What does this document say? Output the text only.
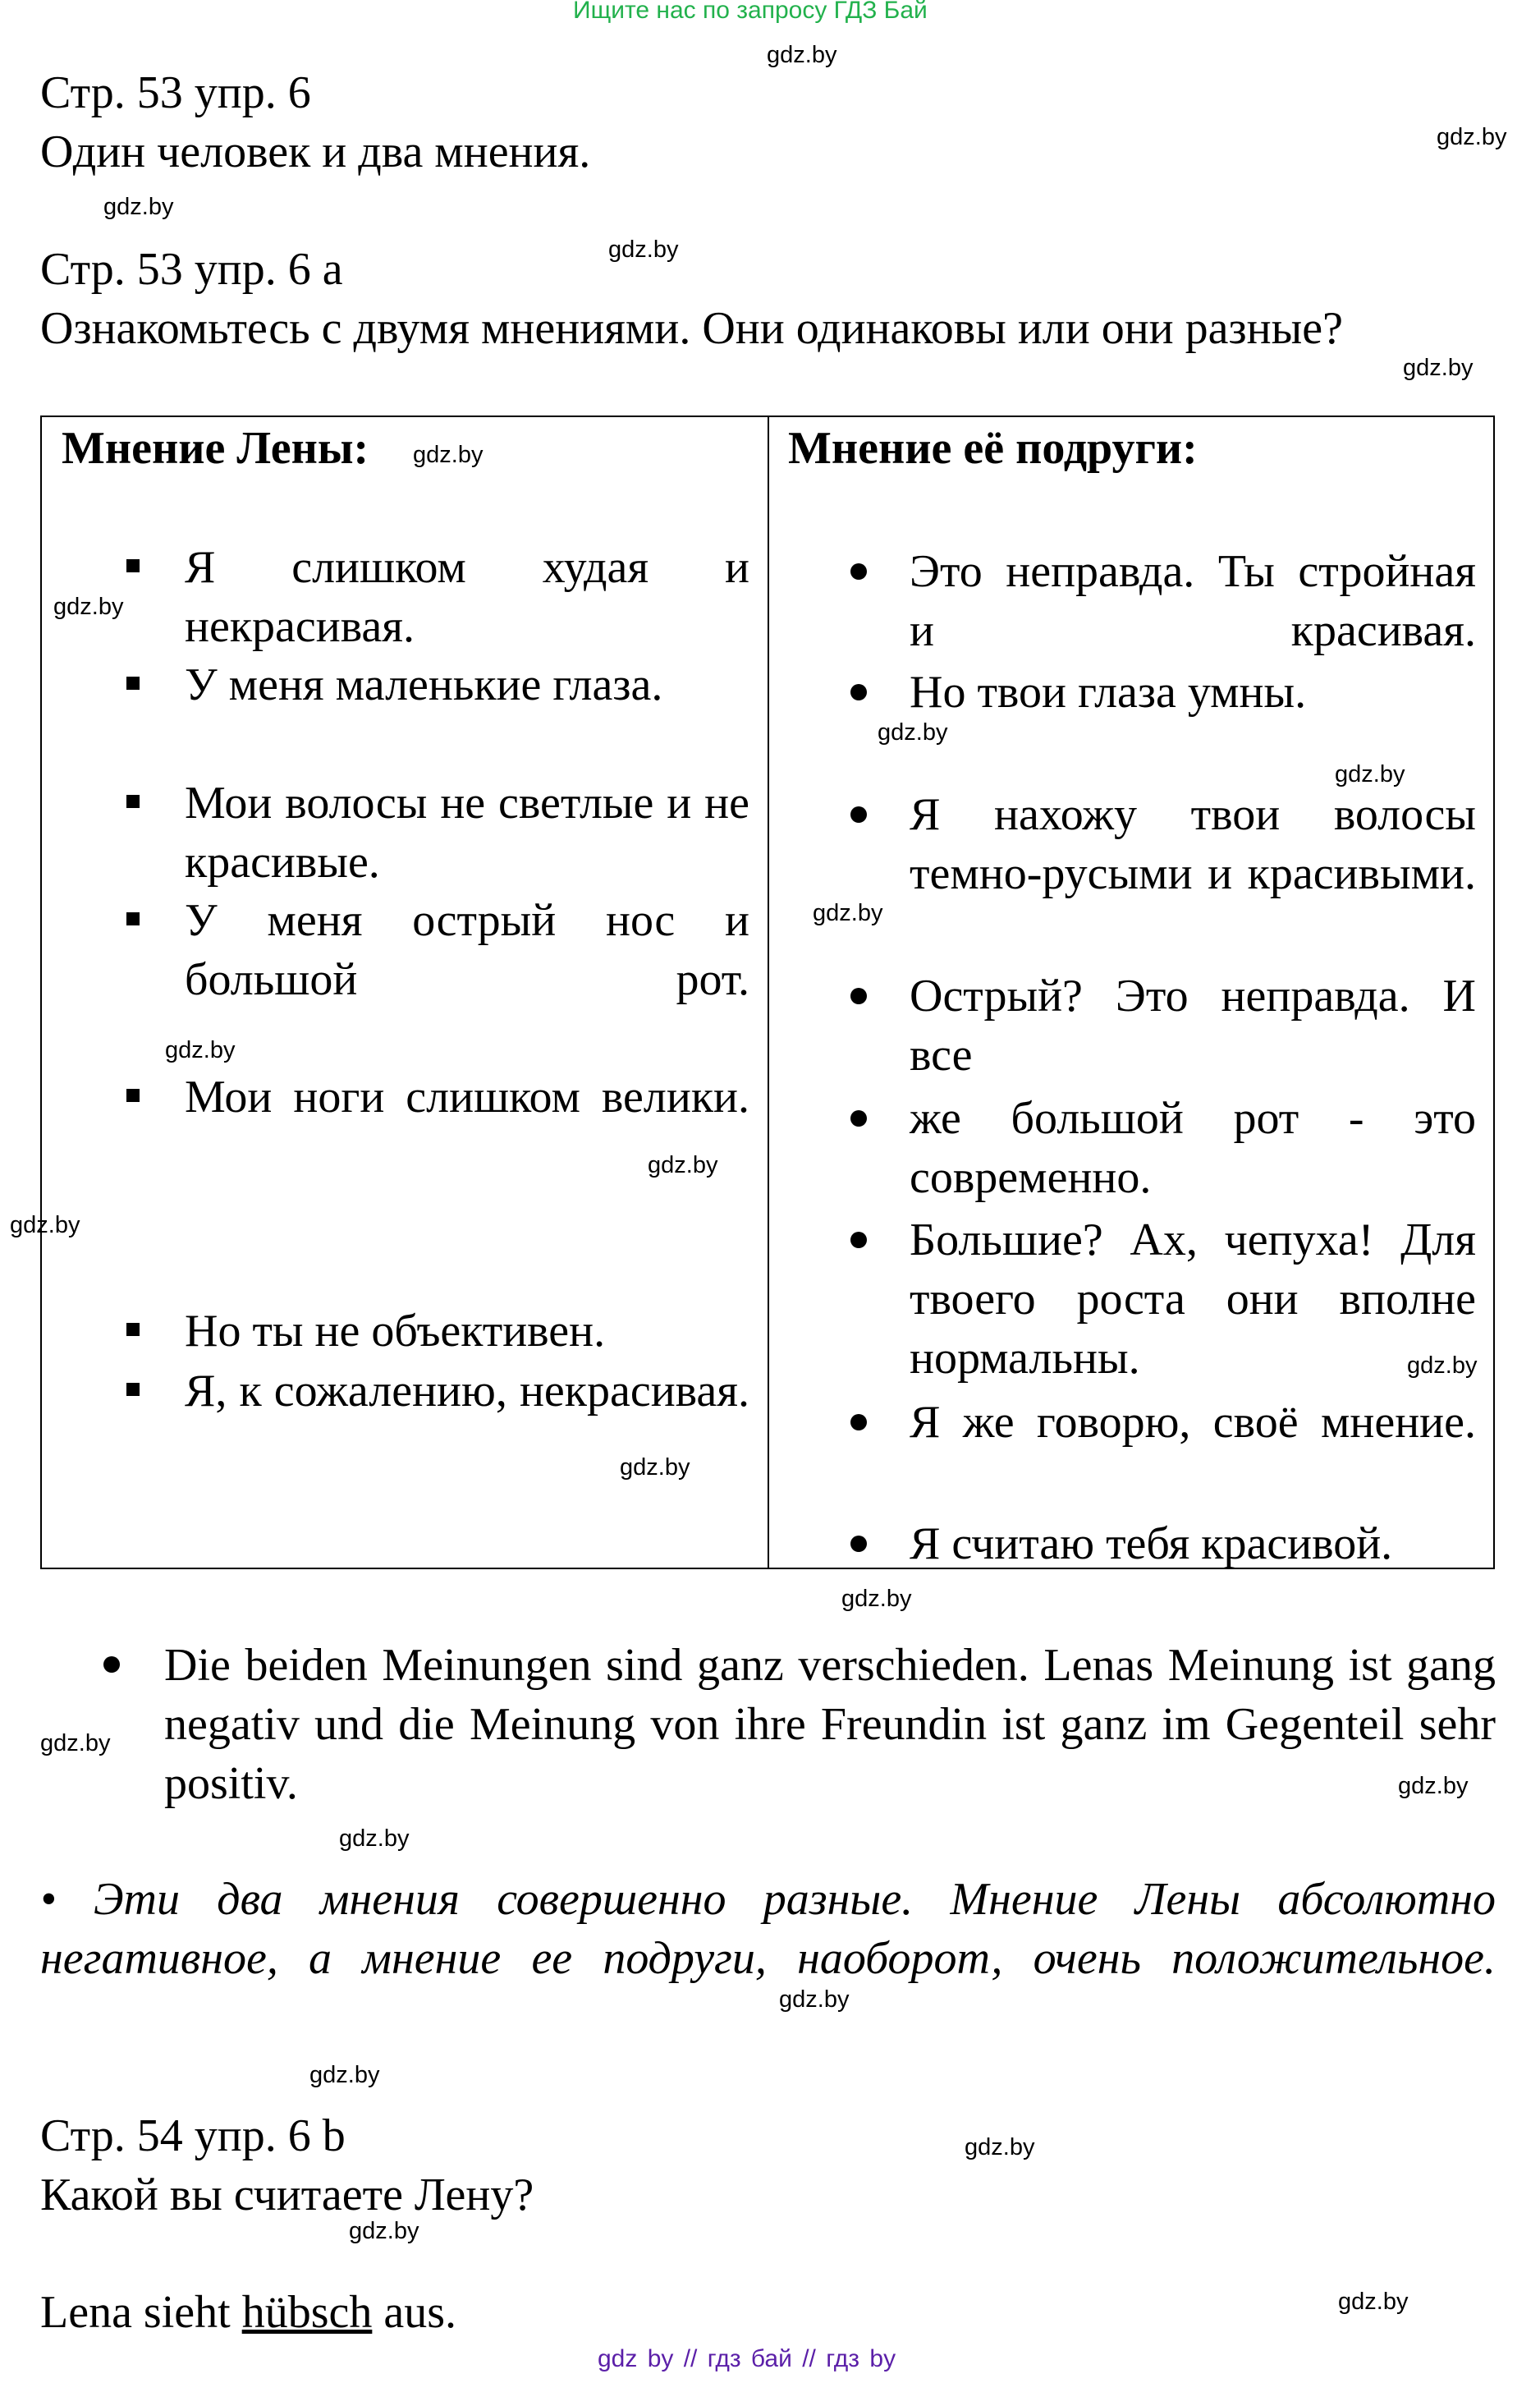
Ищите нас по запросу ГДЗ Бай
Стр. 53 упр. 6
Один человек и два мнения.
Стр. 53 упр. 6 a
Ознакомьтесь с двумя мнениями. Они одинаковы или они разные?
Мнение Лены:	Мнение её подруги:
Я слишком худая и некрасивая.
У меня маленькие глаза.
Мои волосы не светлые и не красивые.
У меня острый нос и большой рот.
Мои ноги слишком велики.
Но ты не объективен.
Я, к сожалению, некрасивая.
Это неправда. Ты стройная и красивая.
Но твои глаза умны.
Я нахожу твои волосы темно-русыми и красивыми.
Острый? Это неправда. И все
же большой рот - это современно.
Большие? Ах, чепуха! Для твоего роста они вполне нормальны.
Я же говорю, своё мнение.
Я считаю тебя красивой.
Die beiden Meinungen sind ganz verschieden. Lenas Meinung ist gang negativ und die Meinung von ihre Freundin ist ganz im Gegenteil sehr positiv.
• Эти два мнения совершенно разные. Мнение Лены абсолютно негативное, а мнение ее подруги, наоборот, очень положительное.
Стр. 54 упр. 6 b
Какой вы считаете Лену?
Lena sieht hübsch aus.
gdz by // гдз бай // гдз by
gdz.by
gdz.by
gdz.by
gdz.by
gdz.by
gdz.by
gdz.by
gdz.by
gdz.by
gdz.by
gdz.by
gdz.by
gdz.by
gdz.by
gdz.by
gdz.by
gdz.by
gdz.by
gdz.by
gdz.by
gdz.by
gdz.by
gdz.by
gdz.by
